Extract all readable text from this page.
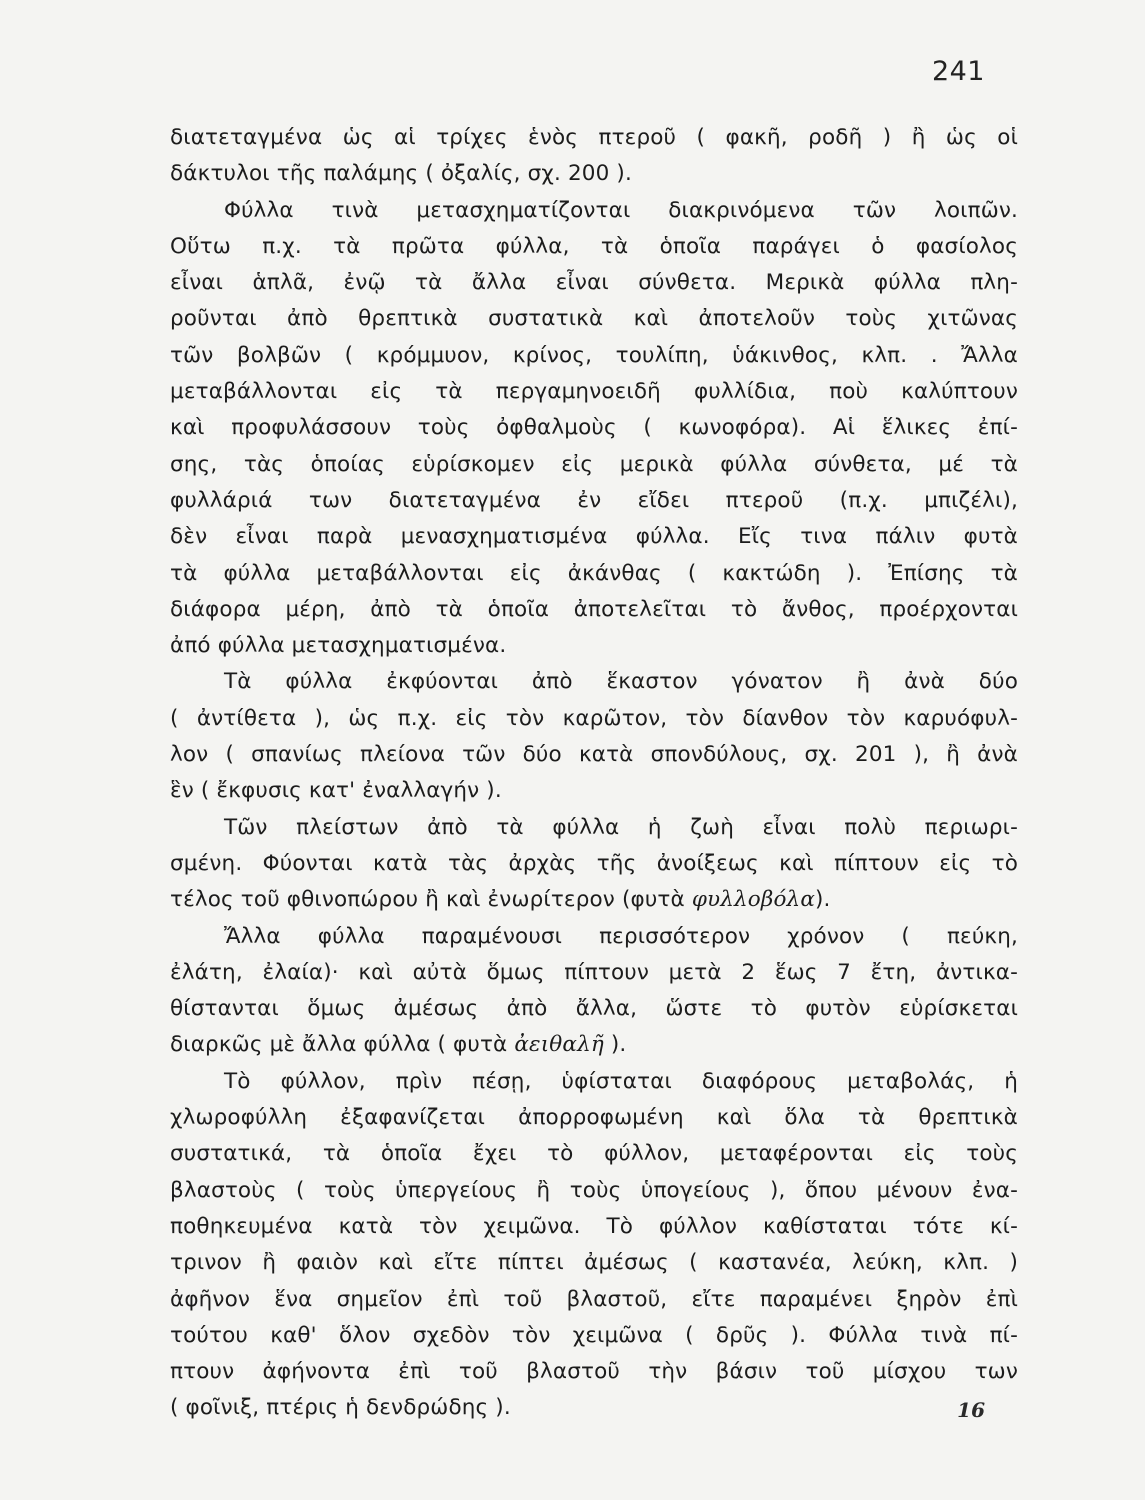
241
διατεταγμένα ὡς αἱ τρίχες ἑνὸς πτεροῦ ( φακῆ, ροδῆ ) ἢ ὡς οἱ
δάκτυλοι τῆς παλάμης ( ὀξαλίς, σχ. 200 ).
Φύλλα τινὰ μετασχηματίζονται διακρινόμενα τῶν λοιπῶν.
Οὕτω π.χ. τὰ πρῶτα φύλλα, τὰ ὁποῖα παράγει ὁ φασίολος
εἶναι ἁπλᾶ, ἐνῷ τὰ ἄλλα εἶναι σύνθετα. Μερικὰ φύλλα πλη-
ροῦνται ἀπὸ θρεπτικὰ συστατικὰ καὶ ἀποτελοῦν τοὺς χιτῶνας
τῶν βολβῶν ( κρόμμυον, κρίνος, τουλίπη, ὑάκινθος, κλπ. . Ἄλλα
μεταβάλλονται εἰς τὰ περγαμηνοειδῆ φυλλίδια, ποὺ καλύπτουν
καὶ προφυλάσσουν τοὺς ὀφθαλμοὺς ( κωνοφόρα). Αἱ ἕλικες ἐπί-
σης, τὰς ὁποίας εὑρίσκομεν εἰς μερικὰ φύλλα σύνθετα, μέ τὰ
φυλλάριά των διατεταγμένα ἐν εἴδει πτεροῦ (π.χ. μπιζέλι),
δὲν εἶναι παρὰ μενασχηματισμένα φύλλα. Εἴς τινα πάλιν φυτὰ
τὰ φύλλα μεταβάλλονται εἰς ἀκάνθας ( κακτώδη ). Ἐπίσης τὰ
διάφορα μέρη, ἀπὸ τὰ ὁποῖα ἀποτελεῖται τὸ ἄνθος, προέρχονται
ἀπό φύλλα μετασχηματισμένα.
Τὰ φύλλα ἐκφύονται ἀπὸ ἕκαστον γόνατον ἢ ἀνὰ δύο
( ἀντίθετα ), ὡς π.χ. εἰς τὸν καρῶτον, τὸν δίανθον τὸν καρυόφυλ-
λον ( σπανίως πλείονα τῶν δύο κατὰ σπονδύλους, σχ. 201 ), ἢ ἀνὰ
ἓν ( ἔκφυσις κατ' ἐναλλαγήν ).
Τῶν πλείστων ἀπὸ τὰ φύλλα ἡ ζωὴ εἶναι πολὺ περιωρι-
σμένη. Φύονται κατὰ τὰς ἀρχὰς τῆς ἀνοίξεως καὶ πίπτουν εἰς τὸ
τέλος τοῦ φθινοπώρου ἢ καὶ ἐνωρίτερον (φυτὰ φυλλοβόλα).
Ἄλλα φύλλα παραμένουσι περισσότερον χρόνον ( πεύκη,
ἐλάτη, ἐλαία)· καὶ αὐτὰ ὅμως πίπτουν μετὰ 2 ἕως 7 ἔτη, ἀντικα-
θίστανται ὅμως ἀμέσως ἀπὸ ἄλλα, ὥστε τὸ φυτὸν εὑρίσκεται
διαρκῶς μὲ ἄλλα φύλλα ( φυτὰ ἀειθαλῆ ).
Τὸ φύλλον, πρὶν πέσῃ, ὑφίσταται διαφόρους μεταβολάς, ἡ
χλωροφύλλη ἐξαφανίζεται ἀπορροφωμένη καὶ ὅλα τὰ θρεπτικὰ
συστατικά, τὰ ὁποῖα ἔχει τὸ φύλλον, μεταφέρονται εἰς τοὺς
βλαστοὺς ( τοὺς ὑπεργείους ἢ τοὺς ὑπογείους ), ὅπου μένουν ἐνα-
ποθηκευμένα κατὰ τὸν χειμῶνα. Τὸ φύλλον καθίσταται τότε κί-
τρινον ἢ φαιὸν καὶ εἴτε πίπτει ἀμέσως ( καστανέα, λεύκη, κλπ. )
ἀφῆνον ἕνα σημεῖον ἐπὶ τοῦ βλαστοῦ, εἴτε παραμένει ξηρὸν ἐπὶ
τούτου καθ' ὅλον σχεδὸν τὸν χειμῶνα ( δρῦς ). Φύλλα τινὰ πί-
πτουν ἀφήνοντα ἐπὶ τοῦ βλαστοῦ τὴν βάσιν τοῦ μίσχου των
( φοῖνιξ, πτέρις ἡ δενδρώδης ).	16
